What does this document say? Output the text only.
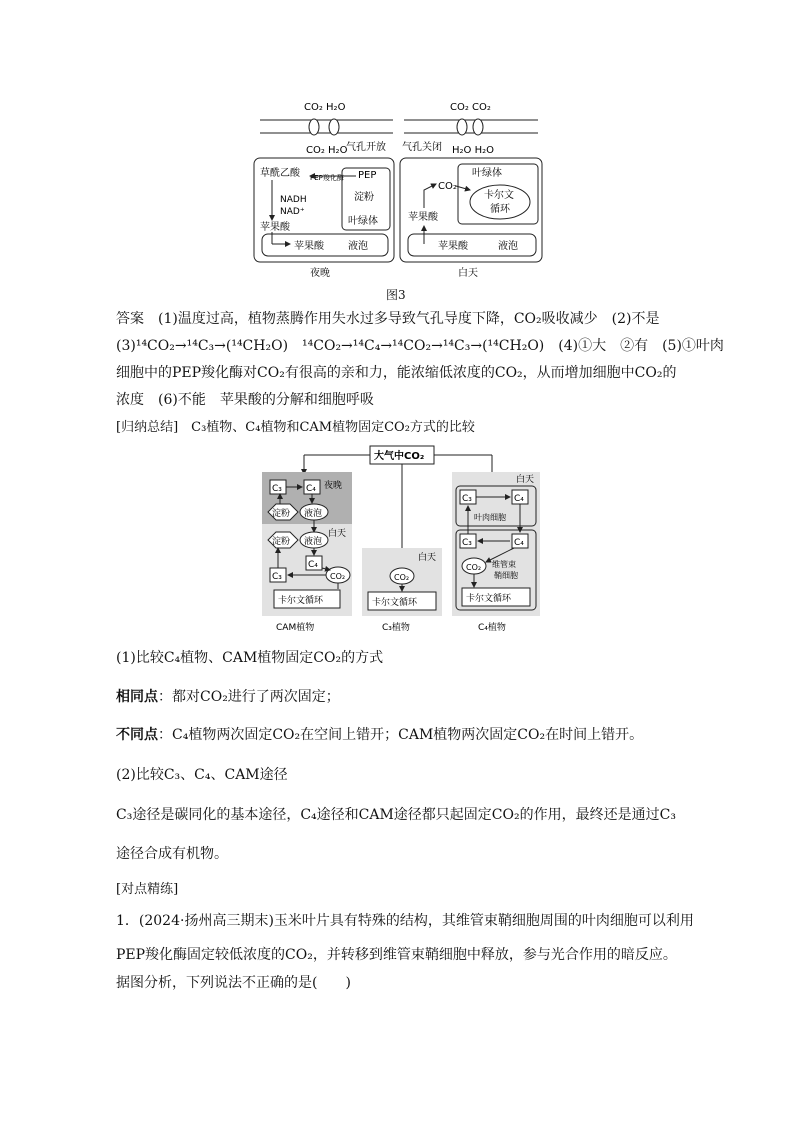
CO₂ H₂O
CO₂ H₂O
气孔开放
草酰乙酸 PEP羧化酶 PEP
淀粉
叶绿体
NADH
NAD⁺
苹果酸
苹果酸 液泡
夜晚
CO₂ CO₂
气孔关闭 H₂O H₂O
叶绿体
卡尔文
循环
CO₂
苹果酸
苹果酸	液泡
白天
图3
答案　(1)温度过高，植物蒸腾作用失水过多导致气孔导度下降，CO₂吸收减少　(2)不是
(3)¹⁴CO₂→¹⁴C₃→(¹⁴CH₂O)　¹⁴CO₂→¹⁴C₄→¹⁴CO₂→¹⁴C₃→(¹⁴CH₂O)　(4)①大　②有　(5)①叶肉
细胞中的PEP羧化酶对CO₂有很高的亲和力，能浓缩低浓度的CO₂，从而增加细胞中CO₂的
浓度　(6)不能　苹果酸的分解和细胞呼吸
[归纳总结]　C₃植物、C₄植物和CAM植物固定CO₂方式的比较
大气中CO₂
夜晚
白天
C₃	C₄
淀粉 液泡
淀粉 液泡
C₄
C₃	CO₂
卡尔文循环
CAM植物
白天
CO₂
卡尔文循环
C₃植物
白天
C₃	C₄
叶肉细胞
C₃	C₄
CO₂ 维管束
鞘细胞
卡尔文循环
C₄植物
(1)比较C₄植物、CAM植物固定CO₂的方式
相同点：都对CO₂进行了两次固定；
不同点：C₄植物两次固定CO₂在空间上错开；CAM植物两次固定CO₂在时间上错开。
(2)比较C₃、C₄、CAM途径
C₃途径是碳同化的基本途径，C₄途径和CAM途径都只起固定CO₂的作用，最终还是通过C₃
途径合成有机物。
[对点精练]
1．(2024·扬州高三期末)玉米叶片具有特殊的结构，其维管束鞘细胞周围的叶肉细胞可以利用
PEP羧化酶固定较低浓度的CO₂，并转移到维管束鞘细胞中释放，参与光合作用的暗反应。
据图分析，下列说法不正确的是(　　)
